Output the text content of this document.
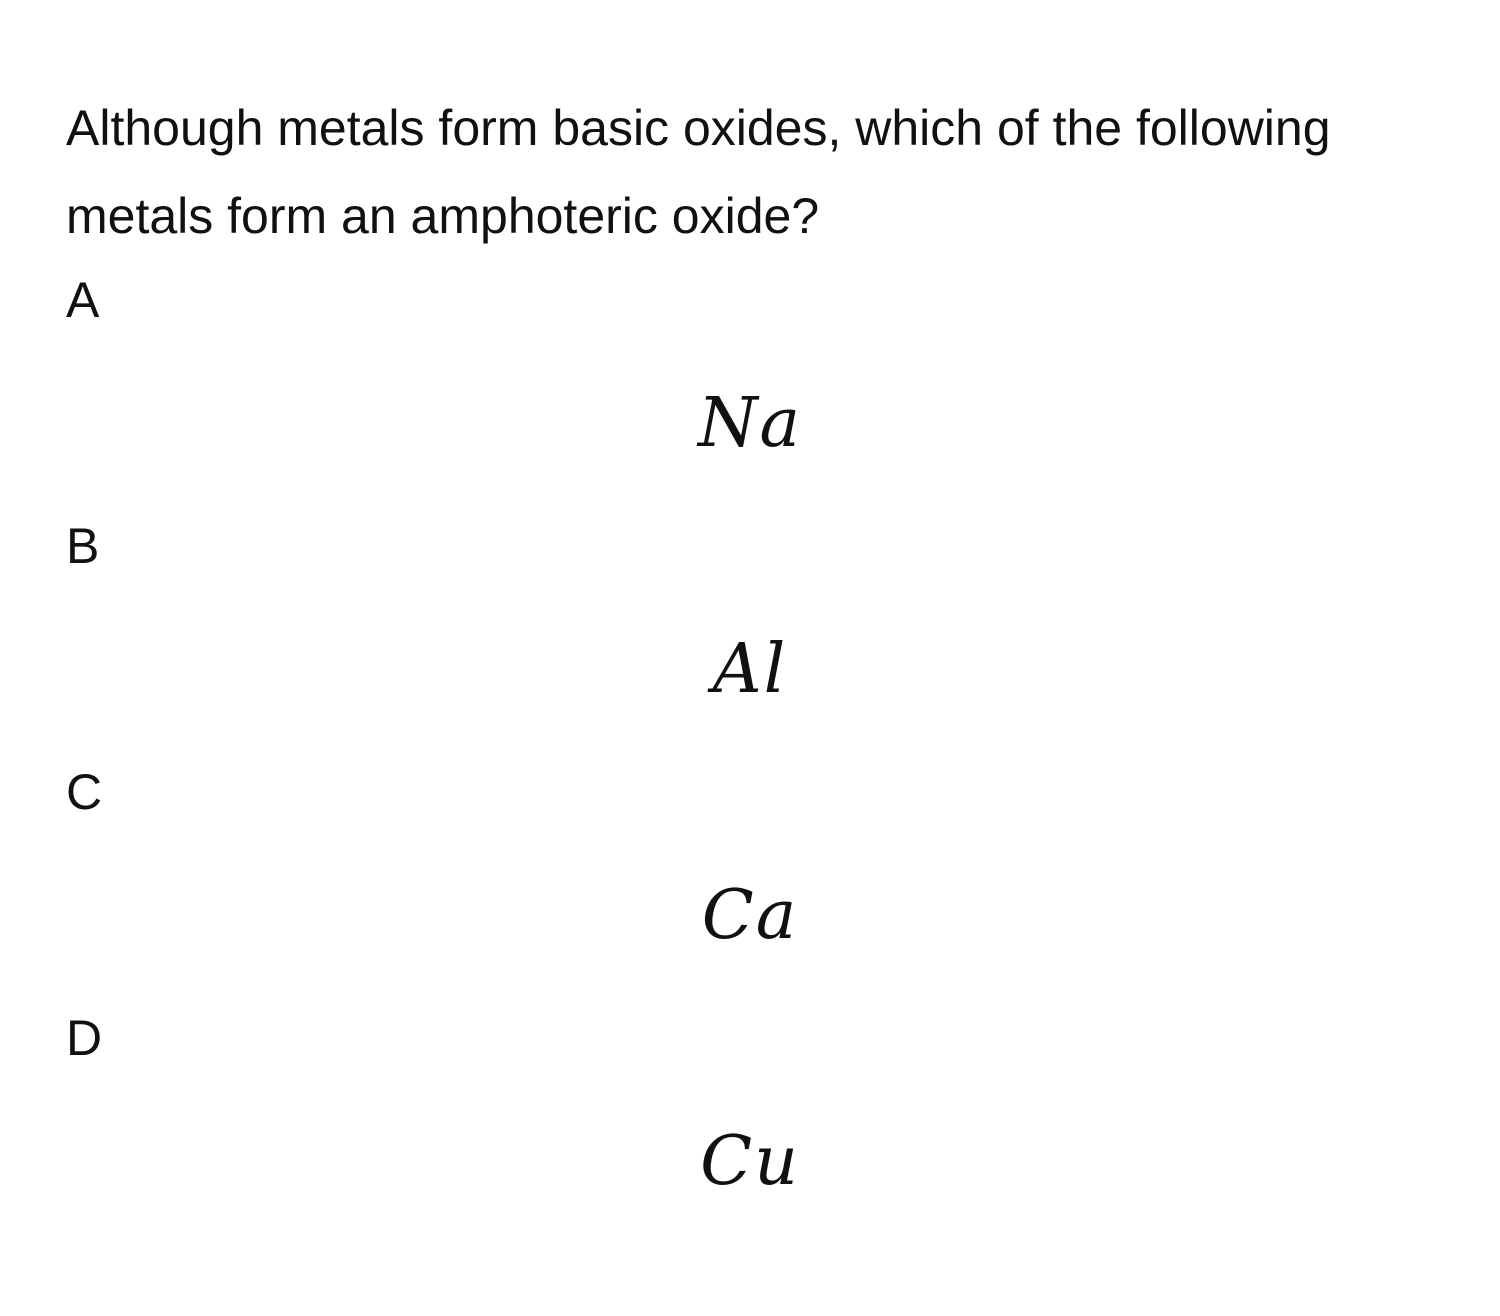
Although metals form basic oxides, which of the following metals form an amphoteric oxide?

A
Na
B
Al
C
Ca
D
Cu
